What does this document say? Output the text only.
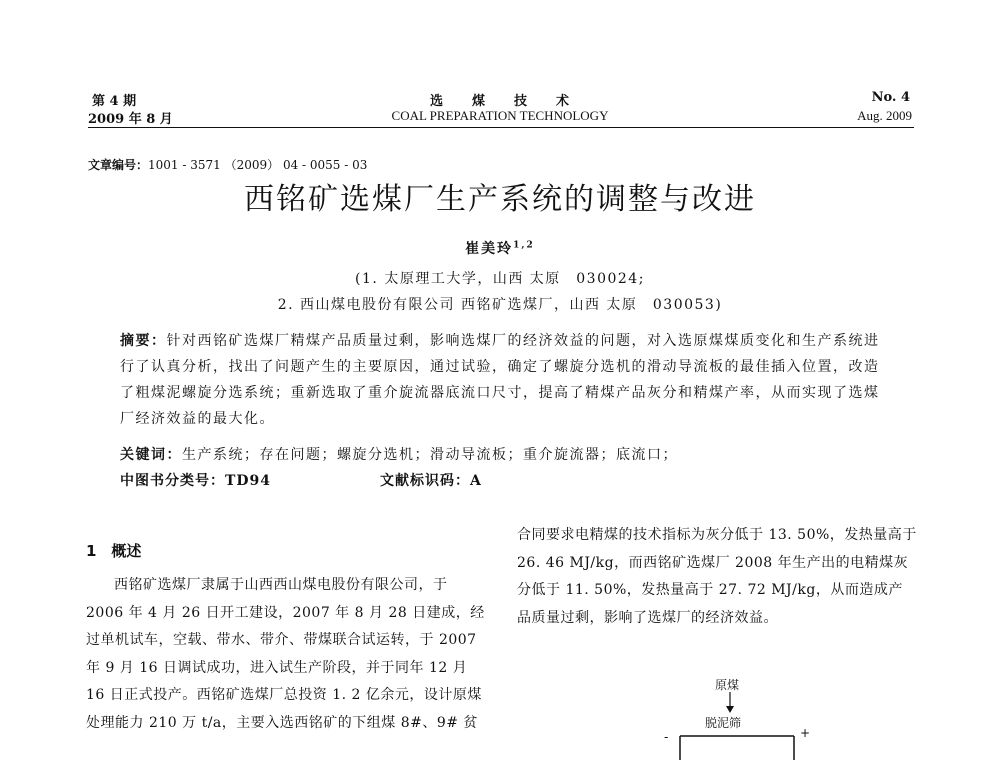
第 4 期
2009 年 8 月
选　　煤　　技　　术
COAL PREPARATION TECHNOLOGY
No. 4
Aug. 2009
文章编号：1001 - 3571 （2009） 04 - 0055 - 03
西铭矿选煤厂生产系统的调整与改进
崔美玲$^{1,2}$
(1. 太原理工大学，山西 太原　030024;
2. 西山煤电股份有限公司 西铭矿选煤厂，山西 太原　030053)
摘要：针对西铭矿选煤厂精煤产品质量过剩，影响选煤厂的经济效益的问题，对入选原煤煤质变化和生产系统进行了认真分析，找出了问题产生的主要原因，通过试验，确定了螺旋分选机的滑动导流板的最佳插入位置，改造了粗煤泥螺旋分选系统；重新选取了重介旋流器底流口尺寸，提高了精煤产品灰分和精煤产率，从而实现了选煤厂经济效益的最大化。
关键词：生产系统；存在问题；螺旋分选机；滑动导流板；重介旋流器；底流口；
中图书分类号：TD94	文献标识码：A
1　概述

西铭矿选煤厂隶属于山西西山煤电股份有限公司，于 2006 年 4 月 26 日开工建设，2007 年 8 月 28 日建成，经过单机试车，空载、带水、带介、带煤联合试运转，于 2007 年 9 月 16 日调试成功，进入试生产阶段，并于同年 12 月 16 日正式投产。西铭矿选煤厂总投资 1. 2 亿余元，设计原煤处理能力 210 万 t/a，主要入选西铭矿的下组煤 8#、9# 贫

合同要求电精煤的技术指标为灰分低于 13. 50%，发热量高于 26. 46 MJ/kg，而西铭矿选煤厂 2008 年生产出的电精煤灰分低于 11. 50%，发热量高于 27. 72 MJ/kg，从而造成产品质量过剩，影响了选煤厂的经济效益。

原煤
脱泥筛
-	+
